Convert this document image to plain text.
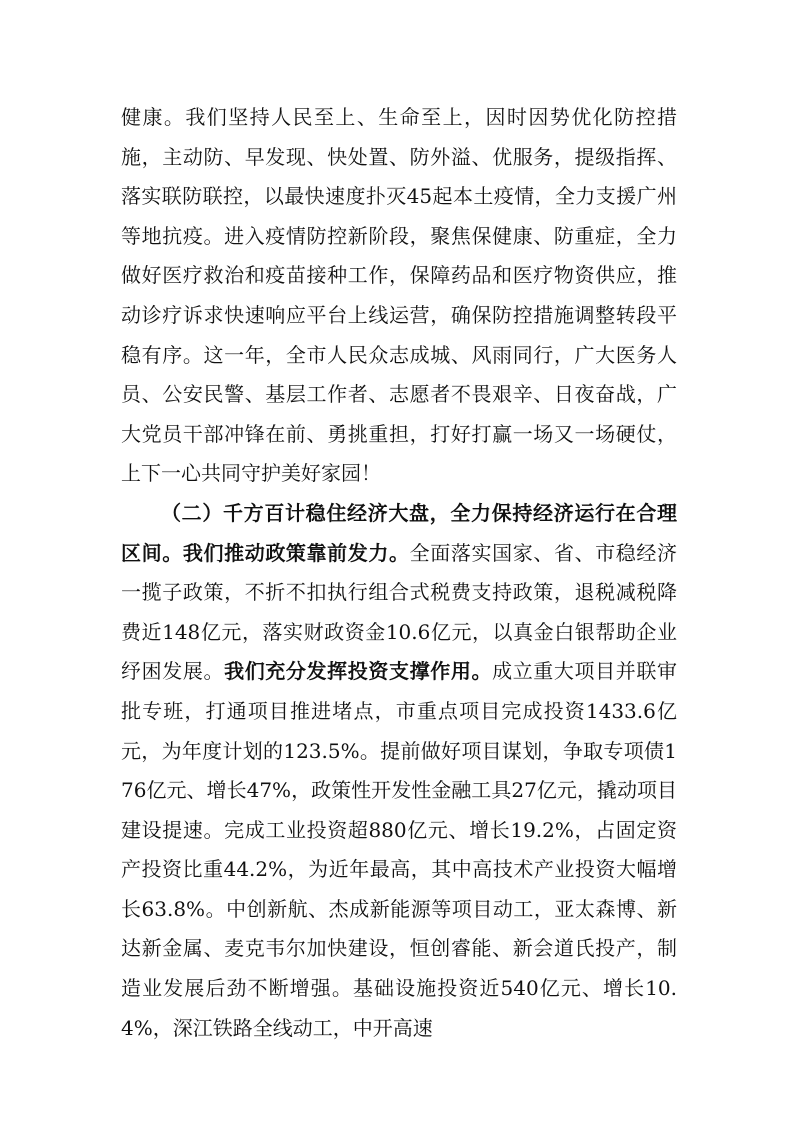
健康。我们坚持人民至上、生命至上，因时因势优化防控措施，主动防、早发现、快处置、防外溢、优服务，提级指挥、落实联防联控，以最快速度扑灭45起本土疫情，全力支援广州等地抗疫。进入疫情防控新阶段，聚焦保健康、防重症，全力做好医疗救治和疫苗接种工作，保障药品和医疗物资供应，推动诊疗诉求快速响应平台上线运营，确保防控措施调整转段平稳有序。这一年，全市人民众志成城、风雨同行，广大医务人员、公安民警、基层工作者、志愿者不畏艰辛、日夜奋战，广大党员干部冲锋在前、勇挑重担，打好打赢一场又一场硬仗，上下一心共同守护美好家园！

（二）千方百计稳住经济大盘，全力保持经济运行在合理区间。我们推动政策靠前发力。全面落实国家、省、市稳经济一揽子政策，不折不扣执行组合式税费支持政策，退税减税降费近148亿元，落实财政资金10.6亿元，以真金白银帮助企业纾困发展。我们充分发挥投资支撑作用。成立重大项目并联审批专班，打通项目推进堵点，市重点项目完成投资1433.6亿元，为年度计划的123.5%。提前做好项目谋划，争取专项债176亿元、增长47%，政策性开发性金融工具27亿元，撬动项目建设提速。完成工业投资超880亿元、增长19.2%，占固定资产投资比重44.2%，为近年最高，其中高技术产业投资大幅增长63.8%。中创新航、杰成新能源等项目动工，亚太森博、新达新金属、麦克韦尔加快建设，恒创睿能、新会道氏投产，制造业发展后劲不断增强。基础设施投资近540亿元、增长10.4%，深江铁路全线动工，中开高速
